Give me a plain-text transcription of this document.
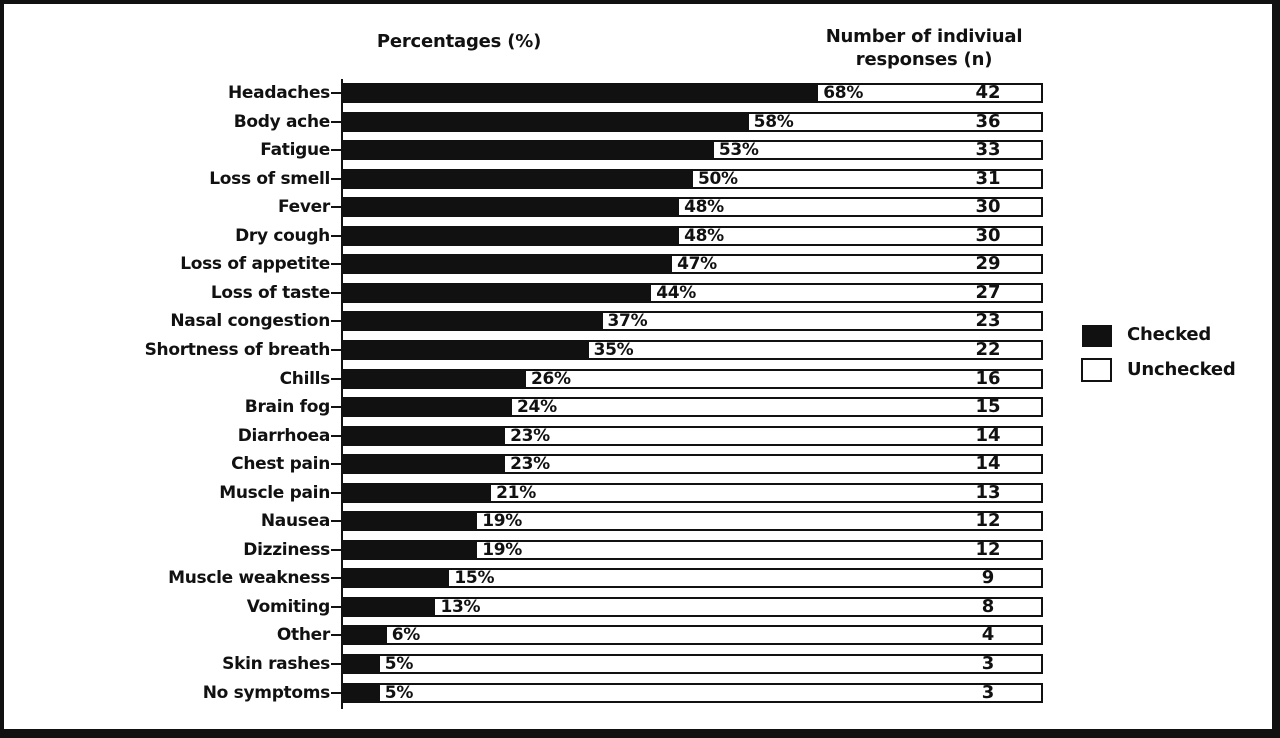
Percentages (%)	Number of indiviual
responses (n)
Headaches	68%	42
Body ache	58%	36
Fatigue	53%	33
Loss of smell	50%	31
Fever	48%	30
Dry cough	48%	30
Loss of appetite	47%	29
Loss of taste	44%	27
Nasal congestion	37%	23
Shortness of breath	35%	22
Chills	26%	16
Brain fog	24%	15
Diarrhoea	23%	14
Chest pain	23%	14
Muscle pain	21%	13
Nausea	19%	12
Dizziness	19%	12
Muscle weakness	15%	9
Vomiting	13%	8
Other	6%	4
Skin rashes	5%	3
No symptoms	5%	3
Checked
Unchecked
